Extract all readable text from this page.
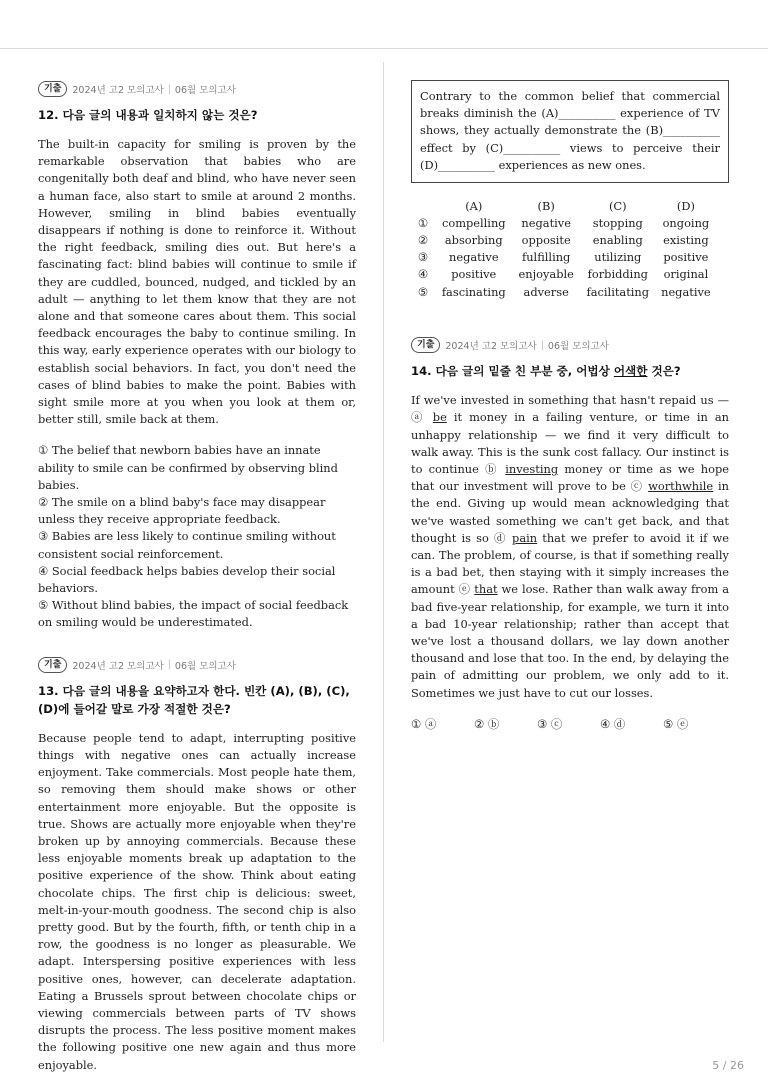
기출	2024년 고2 모의고사 | 06월 모의고사
12. 다음 글의 내용과 일치하지 않는 것은?

The built-in capacity for smiling is proven by the remarkable observation that babies who are congenitally both deaf and blind, who have never seen a human face, also start to smile at around 2 months. However, smiling in blind babies eventually disappears if nothing is done to reinforce it. Without the right feedback, smiling dies out. But here's a fascinating fact: blind babies will continue to smile if they are cuddled, bounced, nudged, and tickled by an adult — anything to let them know that they are not alone and that someone cares about them. This social feedback encourages the baby to continue smiling. In this way, early experience operates with our biology to establish social behaviors. In fact, you don't need the cases of blind babies to make the point. Babies with sight smile more at you when you look at them or, better still, smile back at them.

① The belief that newborn babies have an innate ability to smile can be confirmed by observing blind babies.

② The smile on a blind baby's face may disappear unless they receive appropriate feedback.

③ Babies are less likely to continue smiling without consistent social reinforcement.

④ Social feedback helps babies develop their social behaviors.

⑤ Without blind babies, the impact of social feedback on smiling would be underestimated.

기출	2024년 고2 모의고사 | 06월 모의고사
13. 다음 글의 내용을 요약하고자 한다. 빈칸 (A), (B), (C), (D)에 들어갈 말로 가장 적절한 것은?

Because people tend to adapt, interrupting positive things with negative ones can actually increase enjoyment. Take commercials. Most people hate them, so removing them should make shows or other entertainment more enjoyable. But the opposite is true. Shows are actually more enjoyable when they're broken up by annoying commercials. Because these less enjoyable moments break up adaptation to the positive experience of the show. Think about eating chocolate chips. The first chip is delicious: sweet, melt-in-your-mouth goodness. The second chip is also pretty good. But by the fourth, fifth, or tenth chip in a row, the goodness is no longer as pleasurable. We adapt. Interspersing positive experiences with less positive ones, however, can decelerate adaptation. Eating a Brussels sprout between chocolate chips or viewing commercials between parts of TV shows disrupts the process. The less positive moment makes the following positive one new again and thus more enjoyable.

Contrary to the common belief that commercial breaks diminish the (A)__________ experience of TV shows, they actually demonstrate the (B)__________ effect by (C)__________ views to perceive their (D)__________ experiences as new ones.
	(A)	(B)	(C)	(D)
①	compelling	negative	stopping	ongoing
②	absorbing	opposite	enabling	existing
③	negative	fulfilling	utilizing	positive
④	positive	enjoyable	forbidding	original
⑤	fascinating	adverse	facilitating	negative
기출	2024년 고2 모의고사 | 06월 모의고사
14. 다음 글의 밑줄 친 부분 중, 어법상 어색한 것은?

If we've invested in something that hasn't repaid us — ⓐ be it money in a failing venture, or time in an unhappy relationship — we find it very difficult to walk away. This is the sunk cost fallacy. Our instinct is to continue ⓑ investing money or time as we hope that our investment will prove to be ⓒ worthwhile in the end. Giving up would mean acknowledging that we've wasted something we can't get back, and that thought is so ⓓ pain that we prefer to avoid it if we can. The problem, of course, is that if something really is a bad bet, then staying with it simply increases the amount ⓔ that we lose. Rather than walk away from a bad five-year relationship, for example, we turn it into a bad 10-year relationship; rather than accept that we've lost a thousand dollars, we lay down another thousand and lose that too. In the end, by delaying the pain of admitting our problem, we only add to it. Sometimes we just have to cut our losses.

① ⓐ	② ⓑ	③ ⓒ	④ ⓓ	⑤ ⓔ
5 / 26
